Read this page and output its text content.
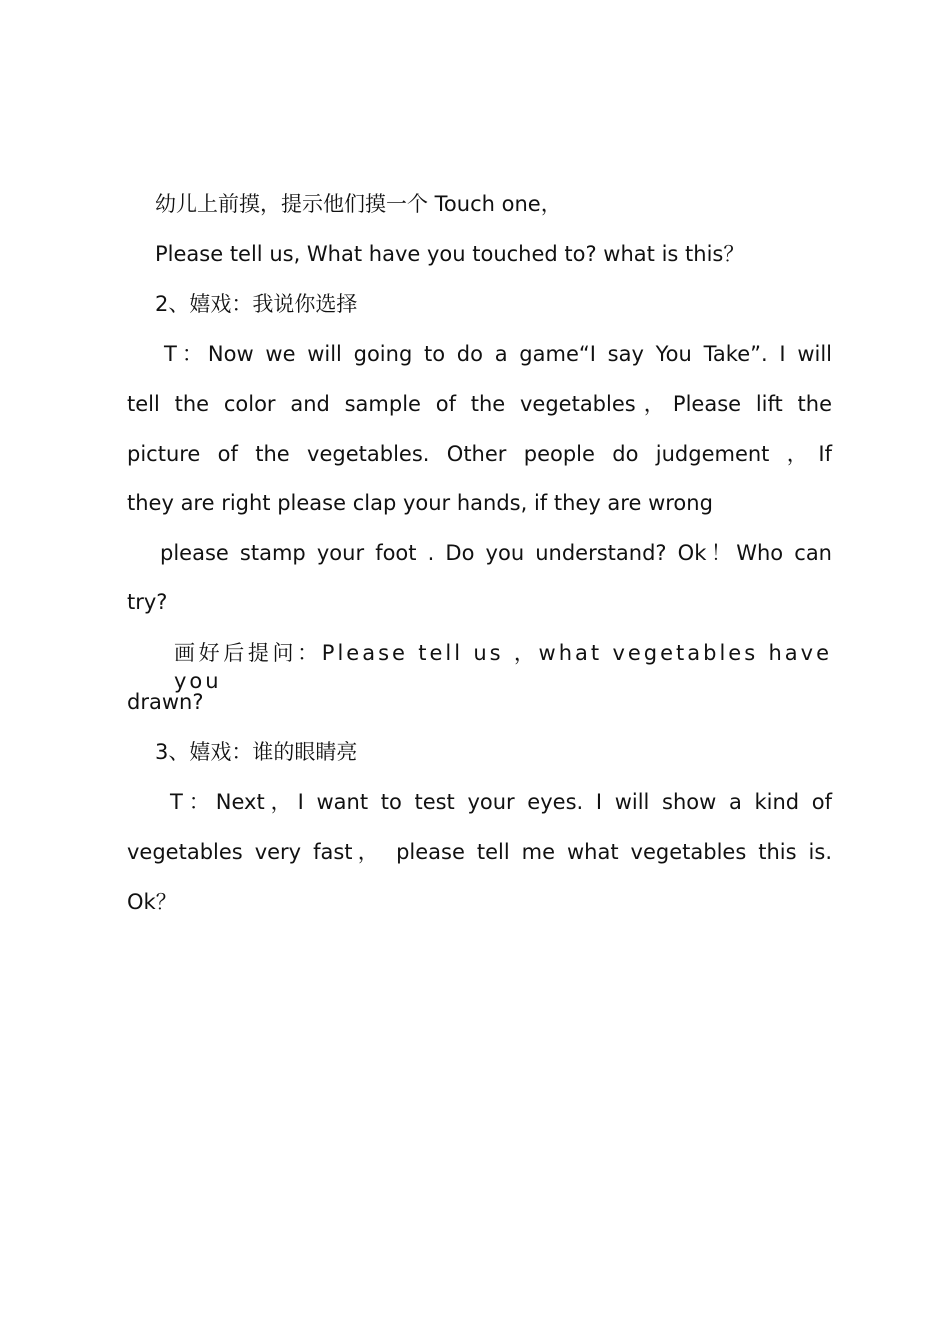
幼儿上前摸，提示他们摸一个 Touch one，

Please tell us, What have you touched to? what is this？

2、嬉戏：我说你选择

T：Now we will going to do a game“I say You Take”. I will

tell the color and sample of the vegetables，Please lift the

picture of the vegetables. Other people do judgement ，If

they are right please clap your hands, if they are wrong

please stamp your foot . Do you understand? Ok！Who can

try?

画好后提问：Please tell us ，what vegetables have you

drawn?

3、嬉戏：谁的眼睛亮

T：Next，I want to test your eyes. I will show a kind of

vegetables very fast， please tell me what vegetables this is.

Ok？
